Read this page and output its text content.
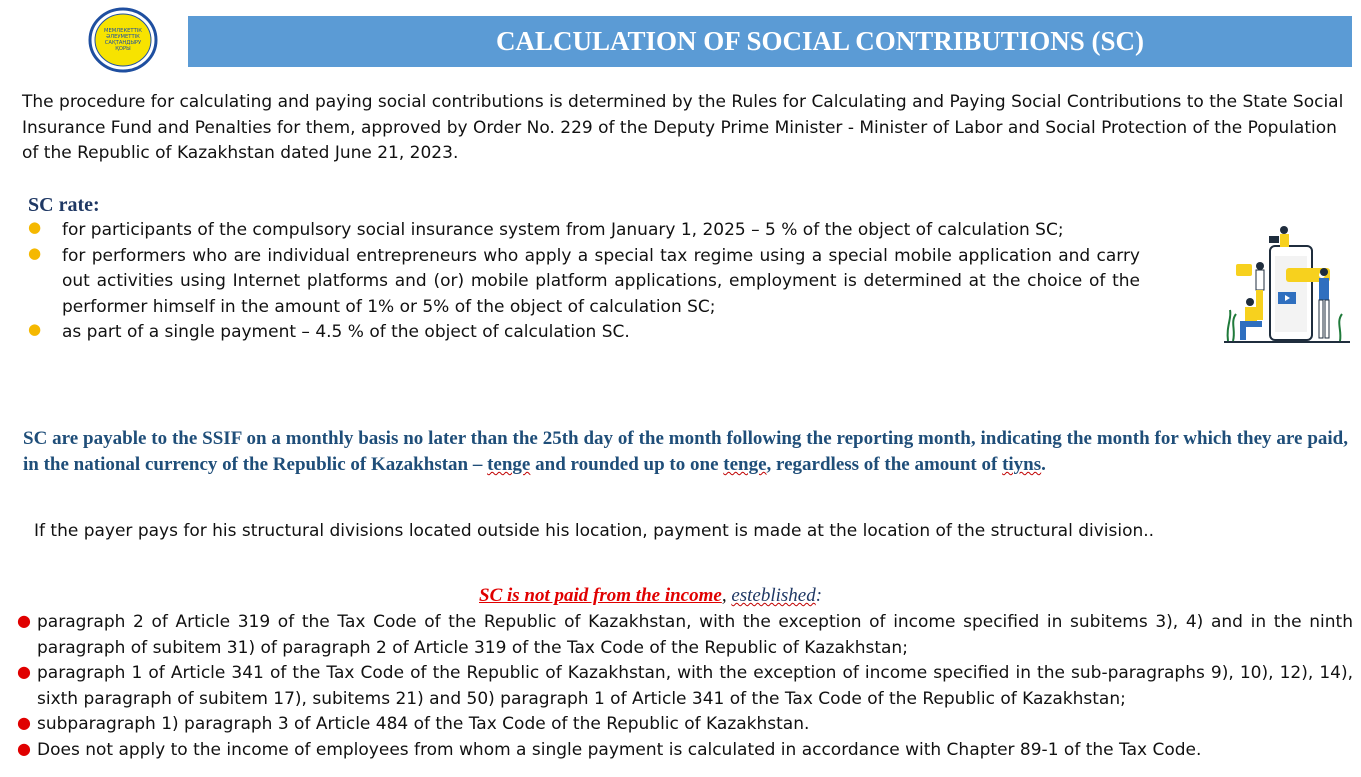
МЕМЛЕКЕТТІК
ӘЛЕУМЕТТІК
САҚТАНДЫРУ
ҚОРЫ	CALCULATION OF SOCIAL CONTRIBUTIONS (SC)

The procedure for calculating and paying social contributions is determined by the Rules for Calculating and Paying Social Contributions to the State Social
Insurance Fund and Penalties for them, approved by Order No. 229 of the Deputy Prime Minister - Minister of Labor and Social Protection of the Population
of the Republic of Kazakhstan dated June 21, 2023.

SC rate:

● for participants of the compulsory social insurance system from January 1, 2025 – 5 % of the object of calculation SC;
● for performers who are individual entrepreneurs who apply a special tax regime using a special mobile application and carry out activities using Internet platforms and (or) mobile platform applications, employment is determined at the choice of the performer himself in the amount of 1% or 5% of the object of calculation SC;
● as part of a single payment – 4.5 % of the object of calculation SC.

SC are payable to the SSIF on a monthly basis no later than the 25th day of the month following the reporting month, indicating the month for which they are paid, in the national currency of the Republic of Kazakhstan – tenge and rounded up to one tenge, regardless of the amount of tiyns.

If the payer pays for his structural divisions located outside his location, payment is made at the location of the structural division..

SC is not paid from the income, esteblished:

● paragraph 2 of Article 319 of the Tax Code of the Republic of Kazakhstan, with the exception of income specified in subitems 3), 4) and in the ninth paragraph of subitem 31) of paragraph 2 of Article 319 of the Tax Code of the Republic of Kazakhstan;
● paragraph 1 of Article 341 of the Tax Code of the Republic of Kazakhstan, with the exception of income specified in the sub-paragraphs 9), 10), 12), 14), sixth paragraph of subitem 17), subitems 21) and 50) paragraph 1 of Article 341 of the Tax Code of the Republic of Kazakhstan;
● subparagraph 1) paragraph 3 of Article 484 of the Tax Code of the Republic of Kazakhstan.
● Does not apply to the income of employees from whom a single payment is calculated in accordance with Chapter 89-1 of the Tax Code.
